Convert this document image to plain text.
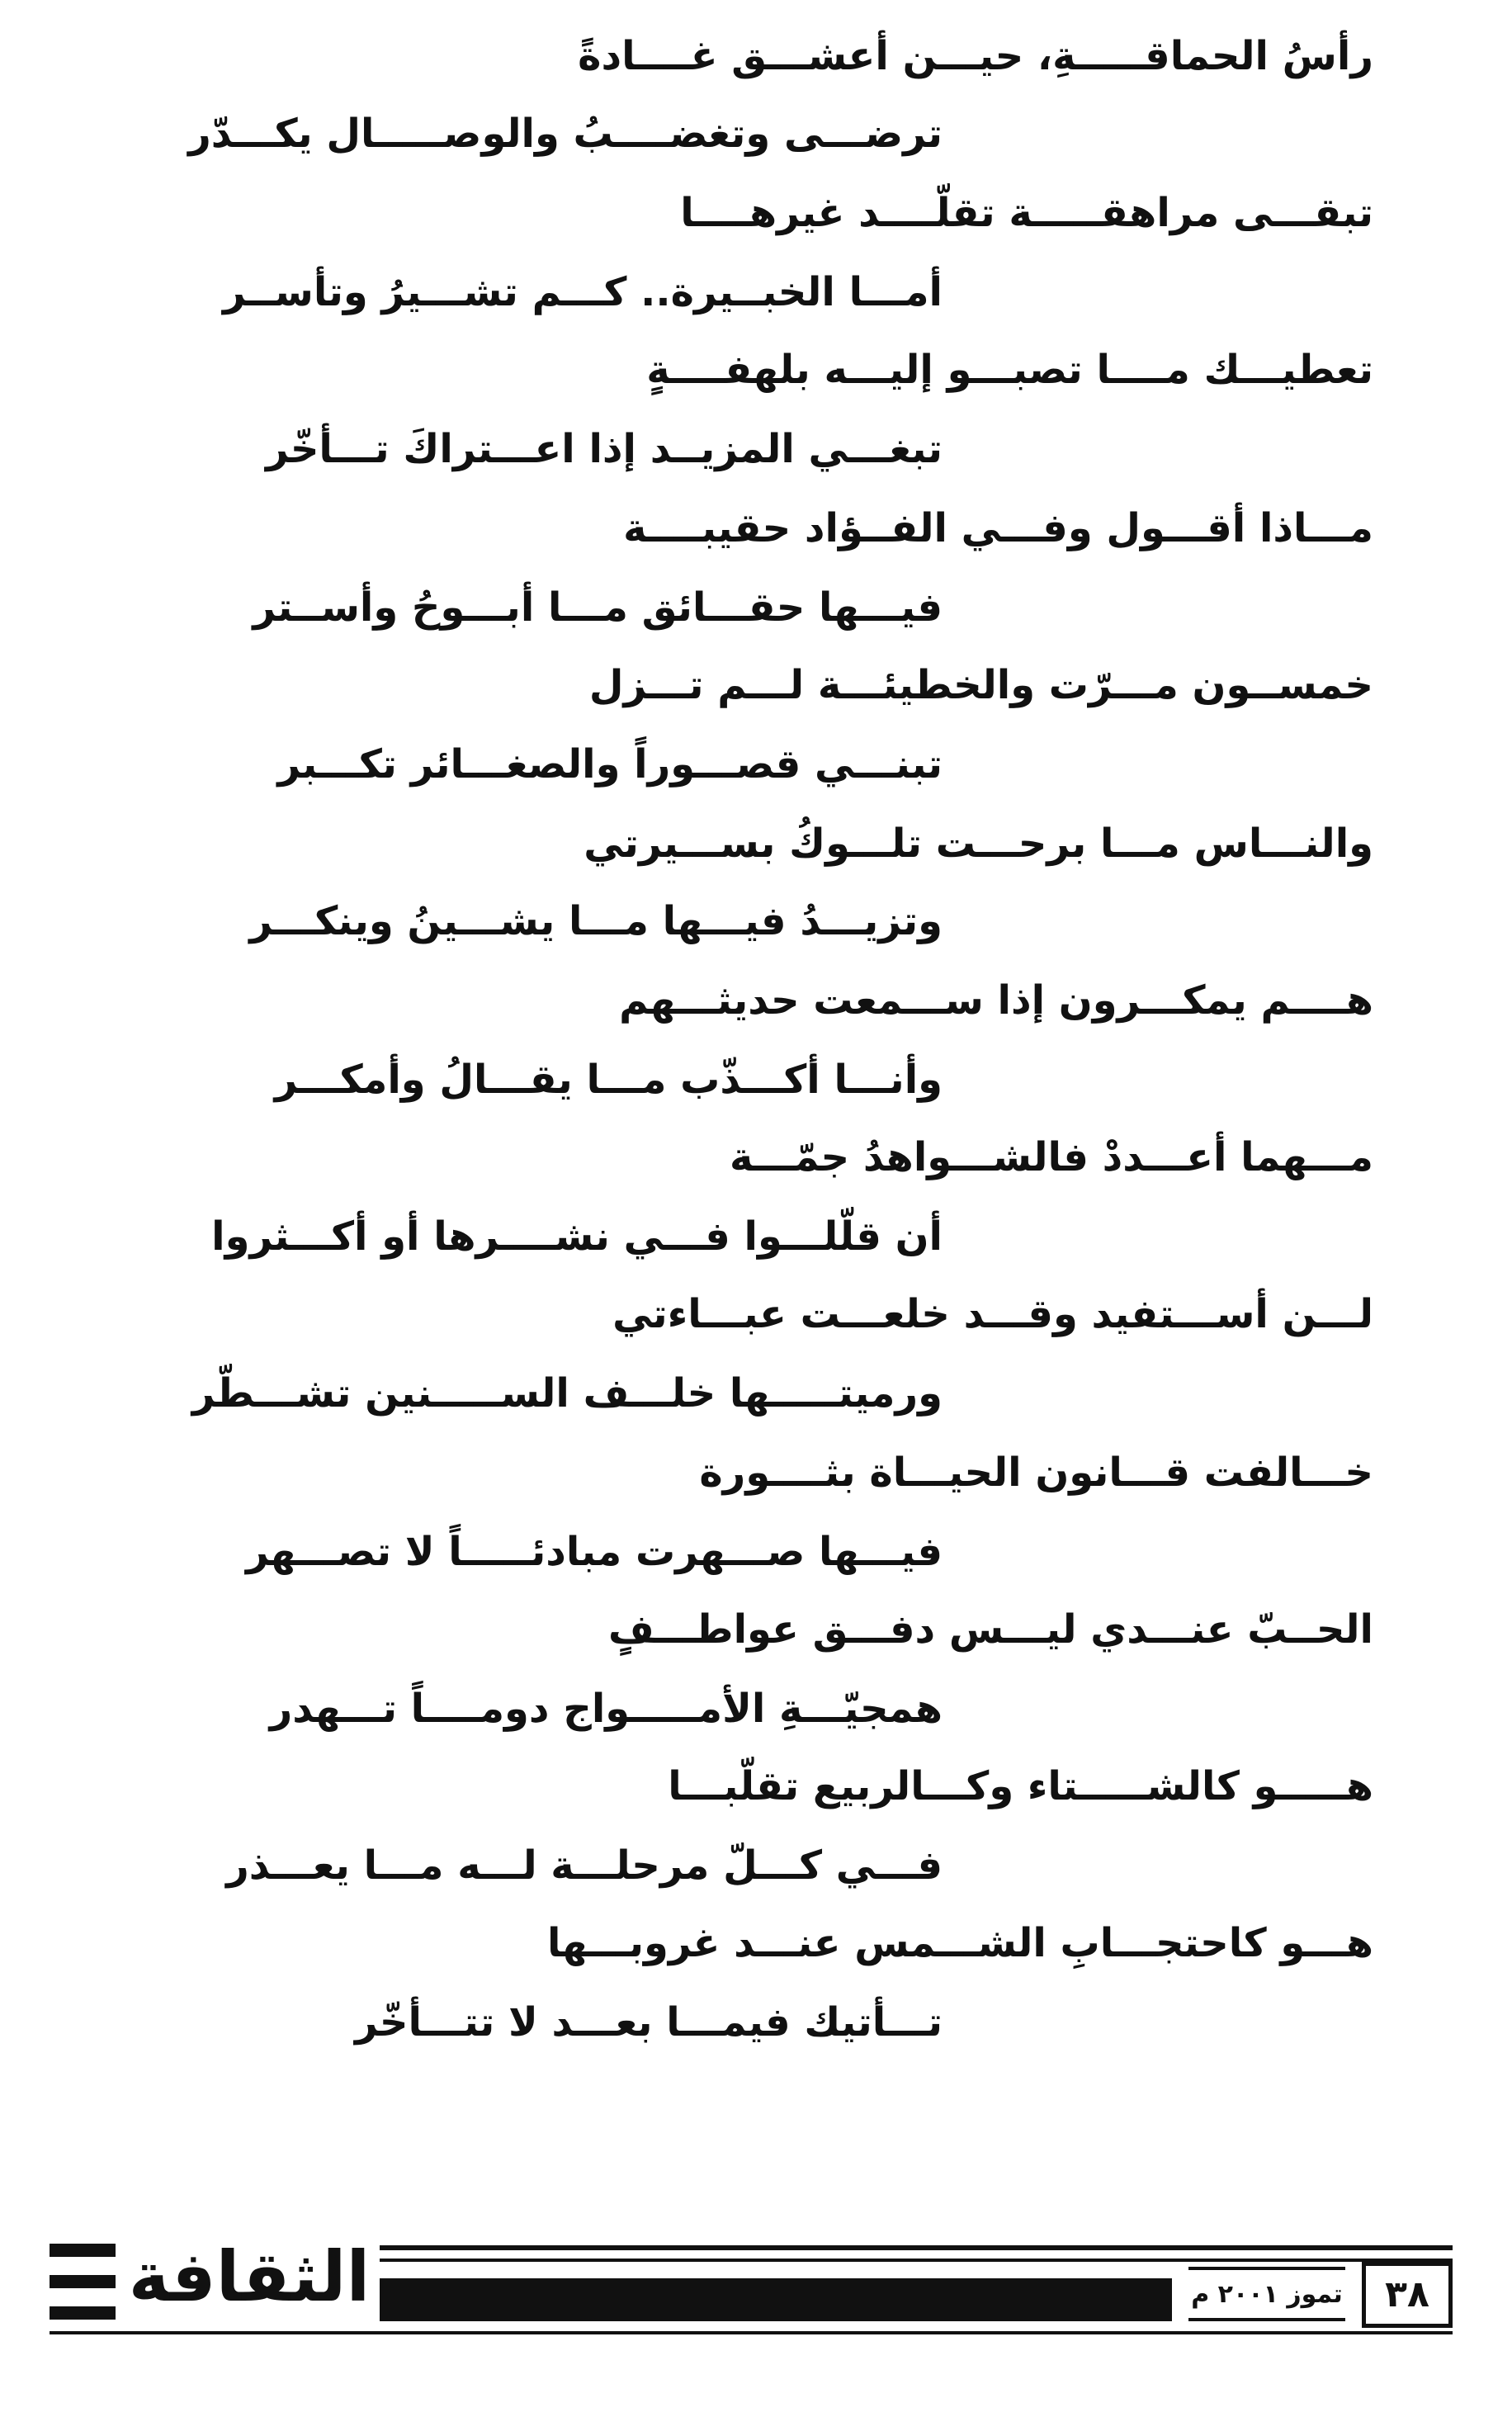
رأسُ الحماقـــــةِ، حيـــن أعشـــق غــــادةً
ترضـــى وتغضــــبُ والوصـــــال يكـــدّر
تبقـــى مراهقـــــة تقلّــــد غيرهــــا
أمـــا الخبــيرة.. كـــم تشـــيرُ وتأســر
تعطيـــك مــــا تصبـــو إليـــه بلهفــــةٍ
تبغـــي المزيــد إذا اعـــتراكَ تـــأخّر
مـــاذا أقـــول وفـــي الفــؤاد حقيبــــة
فيـــها حقـــائق مـــا أبـــوحُ وأســتر
خمســون مـــرّت والخطيئـــة لـــم تـــزل
تبنـــي قصـــوراً والصغـــائر تكـــبر
والنـــاس مـــا برحـــت تلـــوكُ بســـيرتي
وتزيـــدُ فيـــها مـــا يشـــينُ وينكـــر
هــــم يمكـــرون إذا ســـمعت حديثـــهم
وأنـــا أكـــذّب مـــا يقـــالُ وأمكـــر
مـــهما أعـــددْ فالشـــواهدُ جمّـــة
أن قلّلـــوا فـــي نشــــرها أو أكـــثروا
لـــن أســـتفيد وقـــد خلعـــت عبـــاءتي
ورميتـــــها خلـــف الســـــنين تشـــطّر
خـــالفت قـــانون الحيـــاة بثــــورة
فيـــها صـــهرت مبادئـــــاً لا تصـــهر
الحــبّ عنـــدي ليـــس دفـــق عواطـــفٍ
همجيّـــةِ الأمـــــواج دومــــاً تـــهدر
هـــــو كالشـــــتاء وكـــالربيع تقلّبـــا
فـــي كـــلّ مرحلـــة لـــه مـــا يعـــذر
هـــو كاحتجـــابِ الشـــمس عنـــد غروبـــها
تـــأتيك فيمـــا بعـــد لا تتـــأخّر
الثقافة	تموز ٢٠٠١ م	٣٨
